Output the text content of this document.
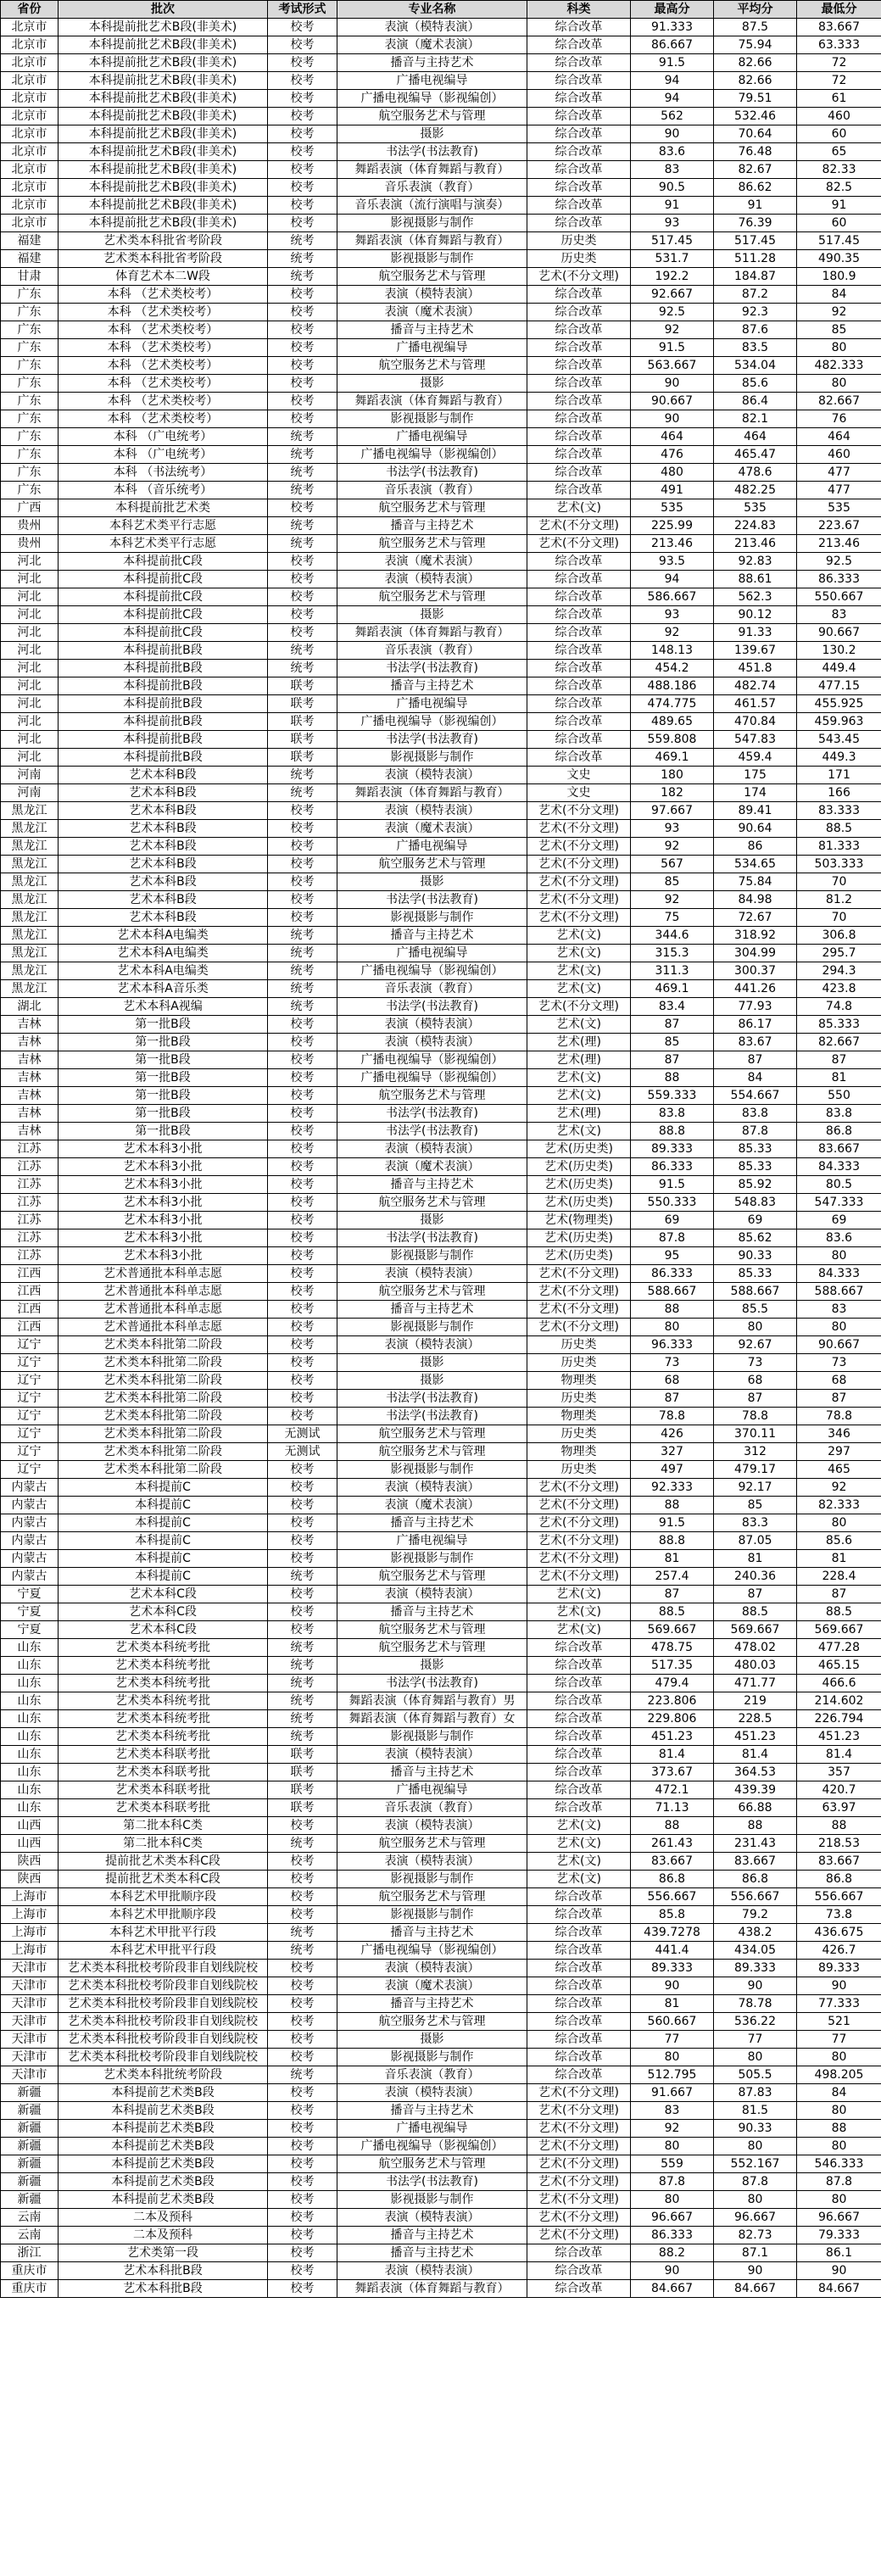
省份	批次	考试形式	专业名称	科类	最高分	平均分	最低分
北京市	本科提前批艺术B段(非美术)	校考	表演（模特表演）	综合改革	91.333	87.5	83.667
北京市	本科提前批艺术B段(非美术)	校考	表演（魔术表演）	综合改革	86.667	75.94	63.333
北京市	本科提前批艺术B段(非美术)	校考	播音与主持艺术	综合改革	91.5	82.66	72
北京市	本科提前批艺术B段(非美术)	校考	广播电视编导	综合改革	94	82.66	72
北京市	本科提前批艺术B段(非美术)	校考	广播电视编导（影视编创）	综合改革	94	79.51	61
北京市	本科提前批艺术B段(非美术)	校考	航空服务艺术与管理	综合改革	562	532.46	460
北京市	本科提前批艺术B段(非美术)	校考	摄影	综合改革	90	70.64	60
北京市	本科提前批艺术B段(非美术)	校考	书法学(书法教育)	综合改革	83.6	76.48	65
北京市	本科提前批艺术B段(非美术)	校考	舞蹈表演（体育舞蹈与教育）	综合改革	83	82.67	82.33
北京市	本科提前批艺术B段(非美术)	校考	音乐表演（教育）	综合改革	90.5	86.62	82.5
北京市	本科提前批艺术B段(非美术)	校考	音乐表演（流行演唱与演奏）	综合改革	91	91	91
北京市	本科提前批艺术B段(非美术)	校考	影视摄影与制作	综合改革	93	76.39	60
福建	艺术类本科批省考阶段	统考	舞蹈表演（体育舞蹈与教育）	历史类	517.45	517.45	517.45
福建	艺术类本科批省考阶段	统考	影视摄影与制作	历史类	531.7	511.28	490.35
甘肃	体育艺术本二W段	统考	航空服务艺术与管理	艺术(不分文理)	192.2	184.87	180.9
广东	本科 （艺术类校考）	校考	表演（模特表演）	综合改革	92.667	87.2	84
广东	本科 （艺术类校考）	校考	表演（魔术表演）	综合改革	92.5	92.3	92
广东	本科 （艺术类校考）	校考	播音与主持艺术	综合改革	92	87.6	85
广东	本科 （艺术类校考）	校考	广播电视编导	综合改革	91.5	83.5	80
广东	本科 （艺术类校考）	校考	航空服务艺术与管理	综合改革	563.667	534.04	482.333
广东	本科 （艺术类校考）	校考	摄影	综合改革	90	85.6	80
广东	本科 （艺术类校考）	校考	舞蹈表演（体育舞蹈与教育）	综合改革	90.667	86.4	82.667
广东	本科 （艺术类校考）	校考	影视摄影与制作	综合改革	90	82.1	76
广东	本科 （广电统考）	统考	广播电视编导	综合改革	464	464	464
广东	本科 （广电统考）	统考	广播电视编导（影视编创）	综合改革	476	465.47	460
广东	本科 （书法统考）	统考	书法学(书法教育)	综合改革	480	478.6	477
广东	本科 （音乐统考）	统考	音乐表演（教育）	综合改革	491	482.25	477
广西	本科提前批艺术类	校考	航空服务艺术与管理	艺术(文)	535	535	535
贵州	本科艺术类平行志愿	统考	播音与主持艺术	艺术(不分文理)	225.99	224.83	223.67
贵州	本科艺术类平行志愿	统考	航空服务艺术与管理	艺术(不分文理)	213.46	213.46	213.46
河北	本科提前批C段	校考	表演（魔术表演）	综合改革	93.5	92.83	92.5
河北	本科提前批C段	校考	表演（模特表演）	综合改革	94	88.61	86.333
河北	本科提前批C段	校考	航空服务艺术与管理	综合改革	586.667	562.3	550.667
河北	本科提前批C段	校考	摄影	综合改革	93	90.12	83
河北	本科提前批C段	校考	舞蹈表演（体育舞蹈与教育）	综合改革	92	91.33	90.667
河北	本科提前批B段	统考	音乐表演（教育）	综合改革	148.13	139.67	130.2
河北	本科提前批B段	统考	书法学(书法教育)	综合改革	454.2	451.8	449.4
河北	本科提前批B段	联考	播音与主持艺术	综合改革	488.186	482.74	477.15
河北	本科提前批B段	联考	广播电视编导	综合改革	474.775	461.57	455.925
河北	本科提前批B段	联考	广播电视编导（影视编创）	综合改革	489.65	470.84	459.963
河北	本科提前批B段	联考	书法学(书法教育)	综合改革	559.808	547.83	543.45
河北	本科提前批B段	联考	影视摄影与制作	综合改革	469.1	459.4	449.3
河南	艺术本科B段	统考	表演（模特表演）	文史	180	175	171
河南	艺术本科B段	统考	舞蹈表演（体育舞蹈与教育）	文史	182	174	166
黑龙江	艺术本科B段	校考	表演（模特表演）	艺术(不分文理)	97.667	89.41	83.333
黑龙江	艺术本科B段	校考	表演（魔术表演）	艺术(不分文理)	93	90.64	88.5
黑龙江	艺术本科B段	校考	广播电视编导	艺术(不分文理)	92	86	81.333
黑龙江	艺术本科B段	校考	航空服务艺术与管理	艺术(不分文理)	567	534.65	503.333
黑龙江	艺术本科B段	校考	摄影	艺术(不分文理)	85	75.84	70
黑龙江	艺术本科B段	校考	书法学(书法教育)	艺术(不分文理)	92	84.98	81.2
黑龙江	艺术本科B段	校考	影视摄影与制作	艺术(不分文理)	75	72.67	70
黑龙江	艺术本科A电编类	统考	播音与主持艺术	艺术(文)	344.6	318.92	306.8
黑龙江	艺术本科A电编类	统考	广播电视编导	艺术(文)	315.3	304.99	295.7
黑龙江	艺术本科A电编类	统考	广播电视编导（影视编创）	艺术(文)	311.3	300.37	294.3
黑龙江	艺术本科A音乐类	统考	音乐表演（教育）	艺术(文)	469.1	441.26	423.8
湖北	艺术本科A视编	统考	书法学(书法教育)	艺术(不分文理)	83.4	77.93	74.8
吉林	第一批B段	校考	表演（模特表演）	艺术(文)	87	86.17	85.333
吉林	第一批B段	校考	表演（模特表演）	艺术(理)	85	83.67	82.667
吉林	第一批B段	校考	广播电视编导（影视编创）	艺术(理)	87	87	87
吉林	第一批B段	校考	广播电视编导（影视编创）	艺术(文)	88	84	81
吉林	第一批B段	校考	航空服务艺术与管理	艺术(文)	559.333	554.667	550
吉林	第一批B段	校考	书法学(书法教育)	艺术(理)	83.8	83.8	83.8
吉林	第一批B段	校考	书法学(书法教育)	艺术(文)	88.8	87.8	86.8
江苏	艺术本科3小批	校考	表演（模特表演）	艺术(历史类)	89.333	85.33	83.667
江苏	艺术本科3小批	校考	表演（魔术表演）	艺术(历史类)	86.333	85.33	84.333
江苏	艺术本科3小批	校考	播音与主持艺术	艺术(历史类)	91.5	85.92	80.5
江苏	艺术本科3小批	校考	航空服务艺术与管理	艺术(历史类)	550.333	548.83	547.333
江苏	艺术本科3小批	校考	摄影	艺术(物理类)	69	69	69
江苏	艺术本科3小批	校考	书法学(书法教育)	艺术(历史类)	87.8	85.62	83.6
江苏	艺术本科3小批	校考	影视摄影与制作	艺术(历史类)	95	90.33	80
江西	艺术普通批本科单志愿	校考	表演（模特表演）	艺术(不分文理)	86.333	85.33	84.333
江西	艺术普通批本科单志愿	校考	航空服务艺术与管理	艺术(不分文理)	588.667	588.667	588.667
江西	艺术普通批本科单志愿	校考	播音与主持艺术	艺术(不分文理)	88	85.5	83
江西	艺术普通批本科单志愿	校考	影视摄影与制作	艺术(不分文理)	80	80	80
辽宁	艺术类本科批第二阶段	校考	表演（模特表演）	历史类	96.333	92.67	90.667
辽宁	艺术类本科批第二阶段	校考	摄影	历史类	73	73	73
辽宁	艺术类本科批第二阶段	校考	摄影	物理类	68	68	68
辽宁	艺术类本科批第二阶段	校考	书法学(书法教育)	历史类	87	87	87
辽宁	艺术类本科批第二阶段	校考	书法学(书法教育)	物理类	78.8	78.8	78.8
辽宁	艺术类本科批第二阶段	无测试	航空服务艺术与管理	历史类	426	370.11	346
辽宁	艺术类本科批第二阶段	无测试	航空服务艺术与管理	物理类	327	312	297
辽宁	艺术类本科批第二阶段	校考	影视摄影与制作	历史类	497	479.17	465
内蒙古	本科提前C	校考	表演（模特表演）	艺术(不分文理)	92.333	92.17	92
内蒙古	本科提前C	校考	表演（魔术表演）	艺术(不分文理)	88	85	82.333
内蒙古	本科提前C	校考	播音与主持艺术	艺术(不分文理)	91.5	83.3	80
内蒙古	本科提前C	校考	广播电视编导	艺术(不分文理)	88.8	87.05	85.6
内蒙古	本科提前C	校考	影视摄影与制作	艺术(不分文理)	81	81	81
内蒙古	本科提前C	统考	航空服务艺术与管理	艺术(不分文理)	257.4	240.36	228.4
宁夏	艺术本科C段	校考	表演（模特表演）	艺术(文)	87	87	87
宁夏	艺术本科C段	校考	播音与主持艺术	艺术(文)	88.5	88.5	88.5
宁夏	艺术本科C段	校考	航空服务艺术与管理	艺术(文)	569.667	569.667	569.667
山东	艺术类本科统考批	统考	航空服务艺术与管理	综合改革	478.75	478.02	477.28
山东	艺术类本科统考批	统考	摄影	综合改革	517.35	480.03	465.15
山东	艺术类本科统考批	统考	书法学(书法教育)	综合改革	479.4	471.77	466.6
山东	艺术类本科统考批	统考	舞蹈表演（体育舞蹈与教育）男	综合改革	223.806	219	214.602
山东	艺术类本科统考批	统考	舞蹈表演（体育舞蹈与教育）女	综合改革	229.806	228.5	226.794
山东	艺术类本科统考批	统考	影视摄影与制作	综合改革	451.23	451.23	451.23
山东	艺术类本科联考批	联考	表演（模特表演）	综合改革	81.4	81.4	81.4
山东	艺术类本科联考批	联考	播音与主持艺术	综合改革	373.67	364.53	357
山东	艺术类本科联考批	联考	广播电视编导	综合改革	472.1	439.39	420.7
山东	艺术类本科联考批	联考	音乐表演（教育）	综合改革	71.13	66.88	63.97
山西	第二批本科C类	校考	表演（模特表演）	艺术(文)	88	88	88
山西	第二批本科C类	统考	航空服务艺术与管理	艺术(文)	261.43	231.43	218.53
陕西	提前批艺术类本科C段	校考	表演（模特表演）	艺术(文)	83.667	83.667	83.667
陕西	提前批艺术类本科C段	校考	影视摄影与制作	艺术(文)	86.8	86.8	86.8
上海市	本科艺术甲批顺序段	校考	航空服务艺术与管理	综合改革	556.667	556.667	556.667
上海市	本科艺术甲批顺序段	校考	影视摄影与制作	综合改革	85.8	79.2	73.8
上海市	本科艺术甲批平行段	统考	播音与主持艺术	综合改革	439.7278	438.2	436.675
上海市	本科艺术甲批平行段	统考	广播电视编导（影视编创）	综合改革	441.4	434.05	426.7
天津市	艺术类本科批校考阶段非自划线院校	校考	表演（模特表演）	综合改革	89.333	89.333	89.333
天津市	艺术类本科批校考阶段非自划线院校	校考	表演（魔术表演）	综合改革	90	90	90
天津市	艺术类本科批校考阶段非自划线院校	校考	播音与主持艺术	综合改革	81	78.78	77.333
天津市	艺术类本科批校考阶段非自划线院校	校考	航空服务艺术与管理	综合改革	560.667	536.22	521
天津市	艺术类本科批校考阶段非自划线院校	校考	摄影	综合改革	77	77	77
天津市	艺术类本科批校考阶段非自划线院校	校考	影视摄影与制作	综合改革	80	80	80
天津市	艺术类本科批统考阶段	统考	音乐表演（教育）	综合改革	512.795	505.5	498.205
新疆	本科提前艺术类B段	校考	表演（模特表演）	艺术(不分文理)	91.667	87.83	84
新疆	本科提前艺术类B段	校考	播音与主持艺术	艺术(不分文理)	83	81.5	80
新疆	本科提前艺术类B段	校考	广播电视编导	艺术(不分文理)	92	90.33	88
新疆	本科提前艺术类B段	校考	广播电视编导（影视编创）	艺术(不分文理)	80	80	80
新疆	本科提前艺术类B段	校考	航空服务艺术与管理	艺术(不分文理)	559	552.167	546.333
新疆	本科提前艺术类B段	校考	书法学(书法教育)	艺术(不分文理)	87.8	87.8	87.8
新疆	本科提前艺术类B段	校考	影视摄影与制作	艺术(不分文理)	80	80	80
云南	二本及预科	校考	表演（模特表演）	艺术(不分文理)	96.667	96.667	96.667
云南	二本及预科	校考	播音与主持艺术	艺术(不分文理)	86.333	82.73	79.333
浙江	艺术类第一段	校考	播音与主持艺术	综合改革	88.2	87.1	86.1
重庆市	艺术本科批B段	校考	表演（模特表演）	综合改革	90	90	90
重庆市	艺术本科批B段	校考	舞蹈表演（体育舞蹈与教育）	综合改革	84.667	84.667	84.667
